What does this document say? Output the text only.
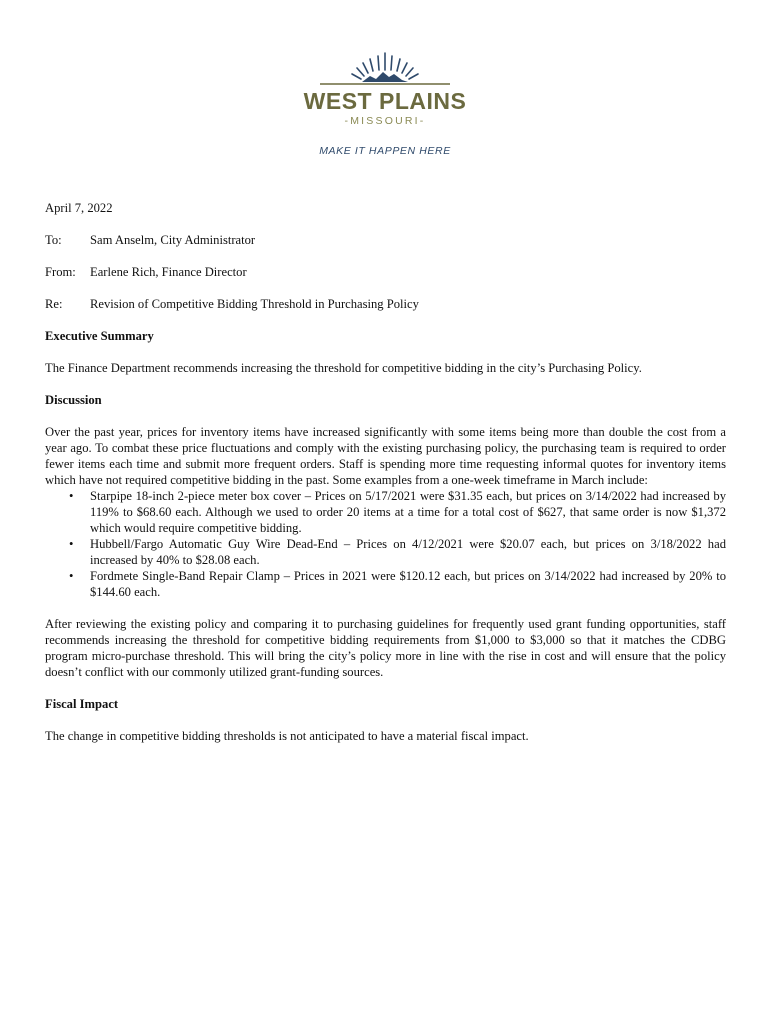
WEST PLAINS
-MISSOURI-
MAKE IT HAPPEN HERE

April 7, 2022

To:	Sam Anselm, City Administrator
From:	Earlene Rich, Finance Director
Re:	Revision of Competitive Bidding Threshold in Purchasing Policy

Executive Summary

The Finance Department recommends increasing the threshold for competitive bidding in the city’s Purchasing Policy.

Discussion

Over the past year, prices for inventory items have increased significantly with some items being more than double the cost from a year ago. To combat these price fluctuations and comply with the existing purchasing policy, the purchasing team is required to order fewer items each time and submit more frequent orders. Staff is spending more time requesting informal quotes for inventory items which have not required competitive bidding in the past. Some examples from a one-week timeframe in March include:

• Starpipe 18-inch 2-piece meter box cover – Prices on 5/17/2021 were $31.35 each, but prices on 3/14/2022 had increased by 119% to $68.60 each. Although we used to order 20 items at a time for a total cost of $627, that same order is now $1,372 which would require competitive bidding.
• Hubbell/Fargo Automatic Guy Wire Dead-End – Prices on 4/12/2021 were $20.07 each, but prices on 3/18/2022 had increased by 40% to $28.08 each.
• Fordmete Single-Band Repair Clamp – Prices in 2021 were $120.12 each, but prices on 3/14/2022 had increased by 20% to $144.60 each.

After reviewing the existing policy and comparing it to purchasing guidelines for frequently used grant funding opportunities, staff recommends increasing the threshold for competitive bidding requirements from $1,000 to $3,000 so that it matches the CDBG program micro-purchase threshold. This will bring the city’s policy more in line with the rise in cost and will ensure that the policy doesn’t conflict with our commonly utilized grant-funding sources.

Fiscal Impact

The change in competitive bidding thresholds is not anticipated to have a material fiscal impact.
